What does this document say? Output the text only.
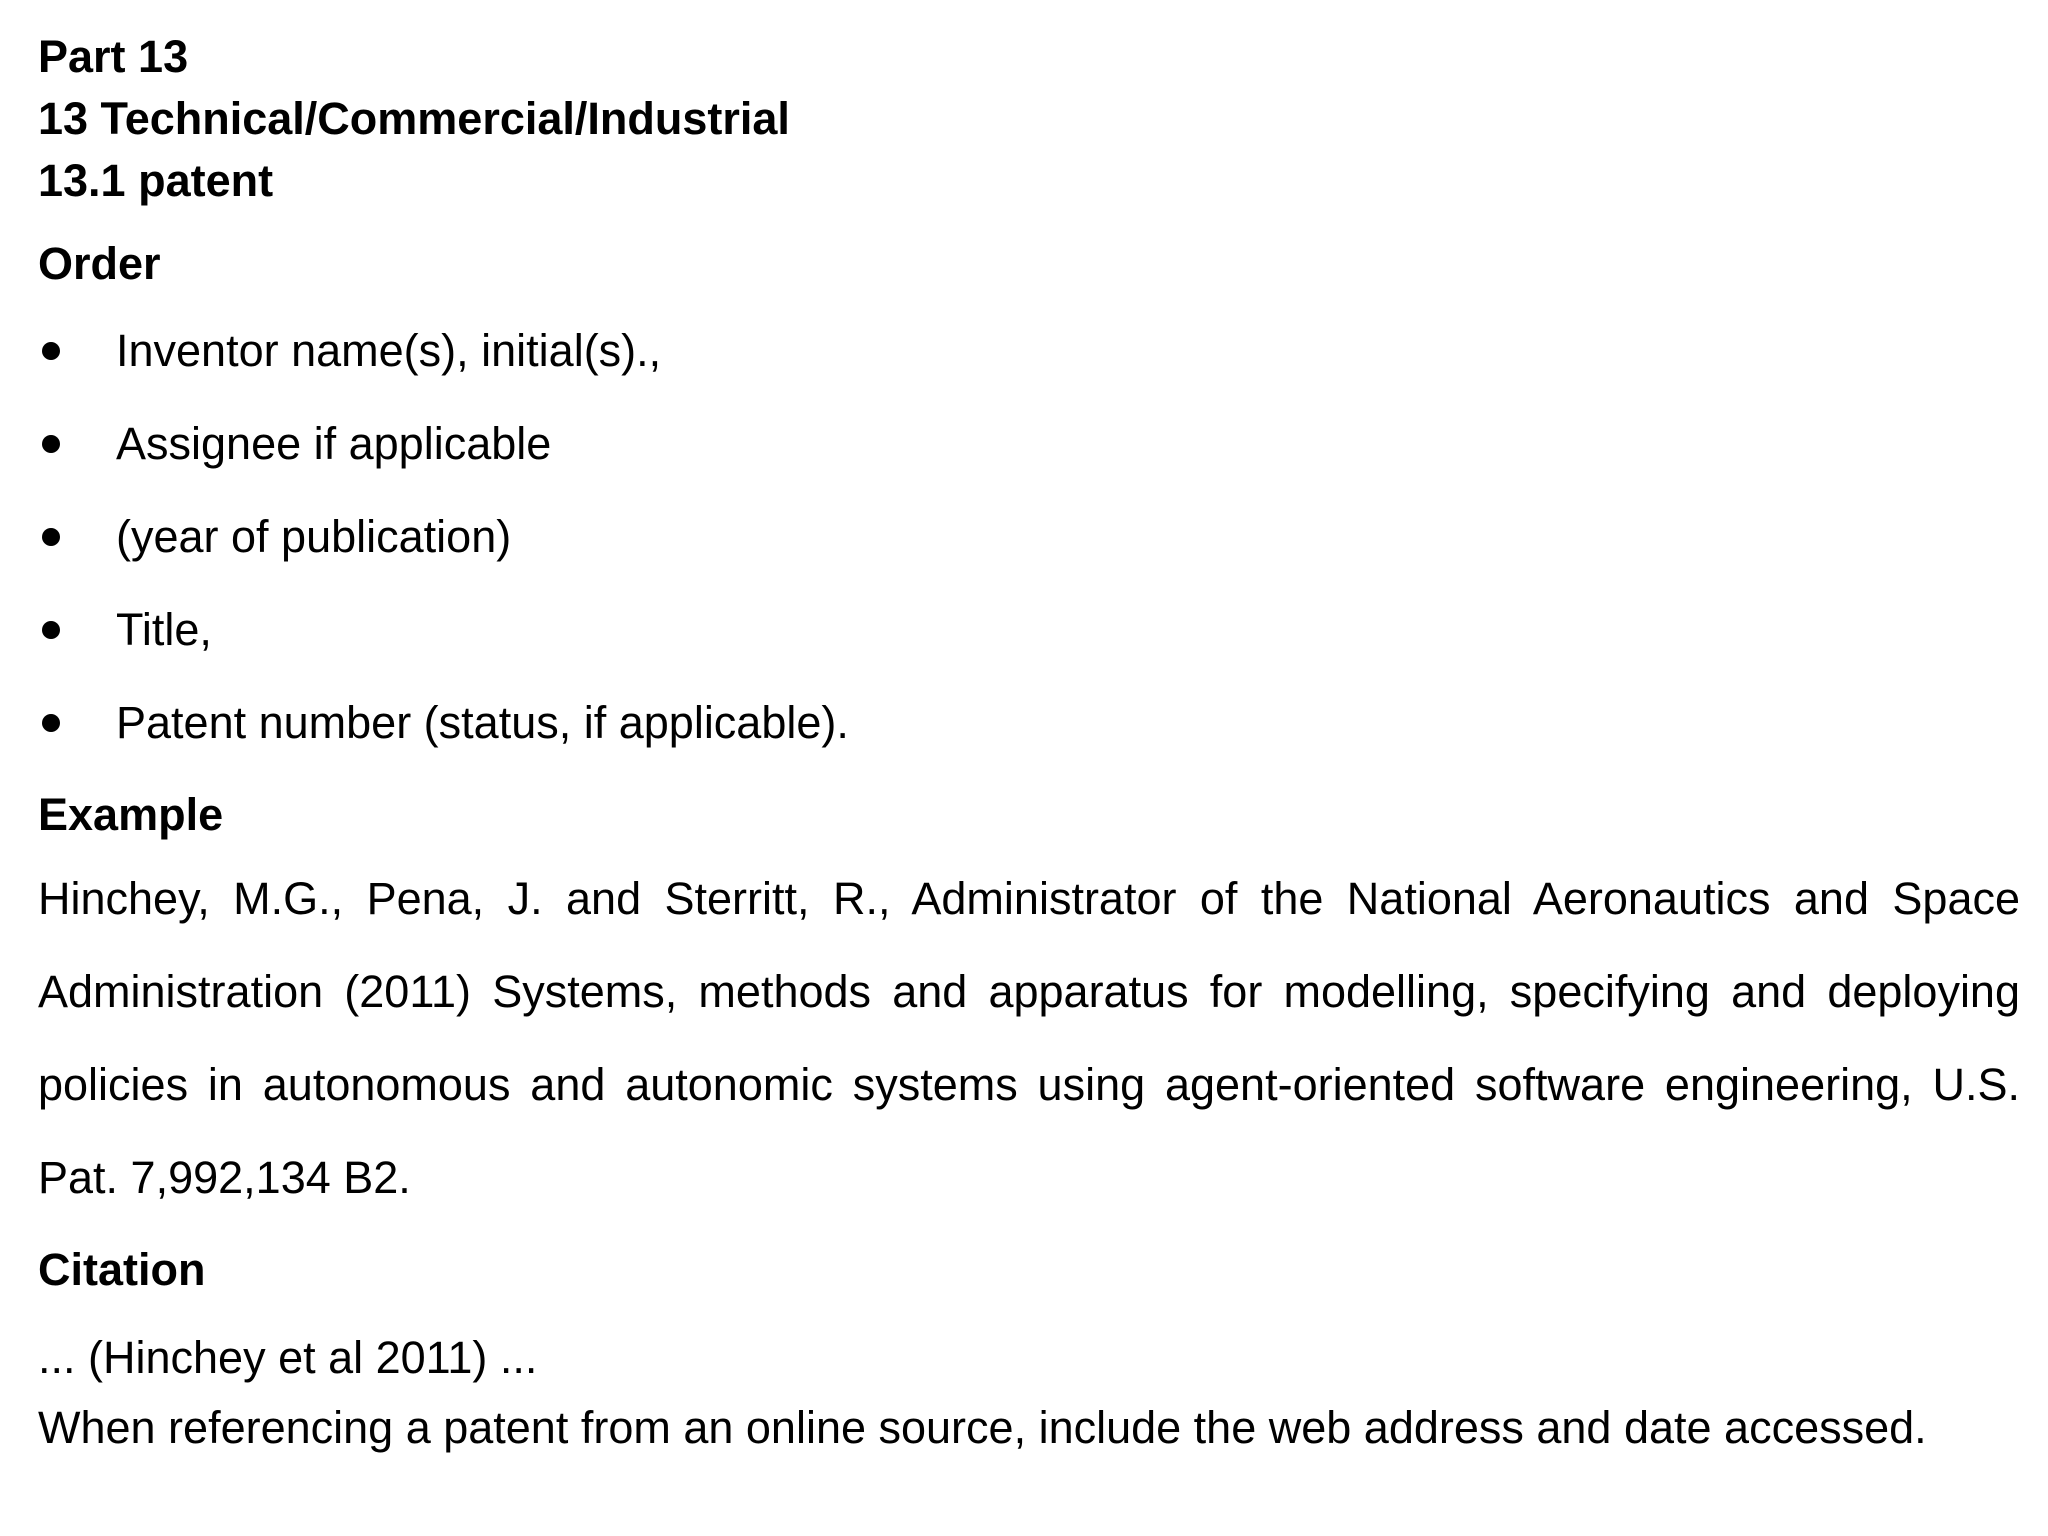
Part 13

13 Technical/Commercial/Industrial

13.1 patent

Order

Inventor name(s), initial(s).,
Assignee if applicable
(year of publication)
Title,
Patent number (status, if applicable).

Example

Hinchey, M.G., Pena, J. and Sterritt, R., Administrator of the National Aeronautics and Space Administration (2011) Systems, methods and apparatus for modelling, specifying and deploying policies in autonomous and autonomic systems using agent-oriented software engineering, U.S. Pat. 7,992,134 B2.

Citation

... (Hinchey et al 2011) ...

When referencing a patent from an online source, include the web address and date accessed.
